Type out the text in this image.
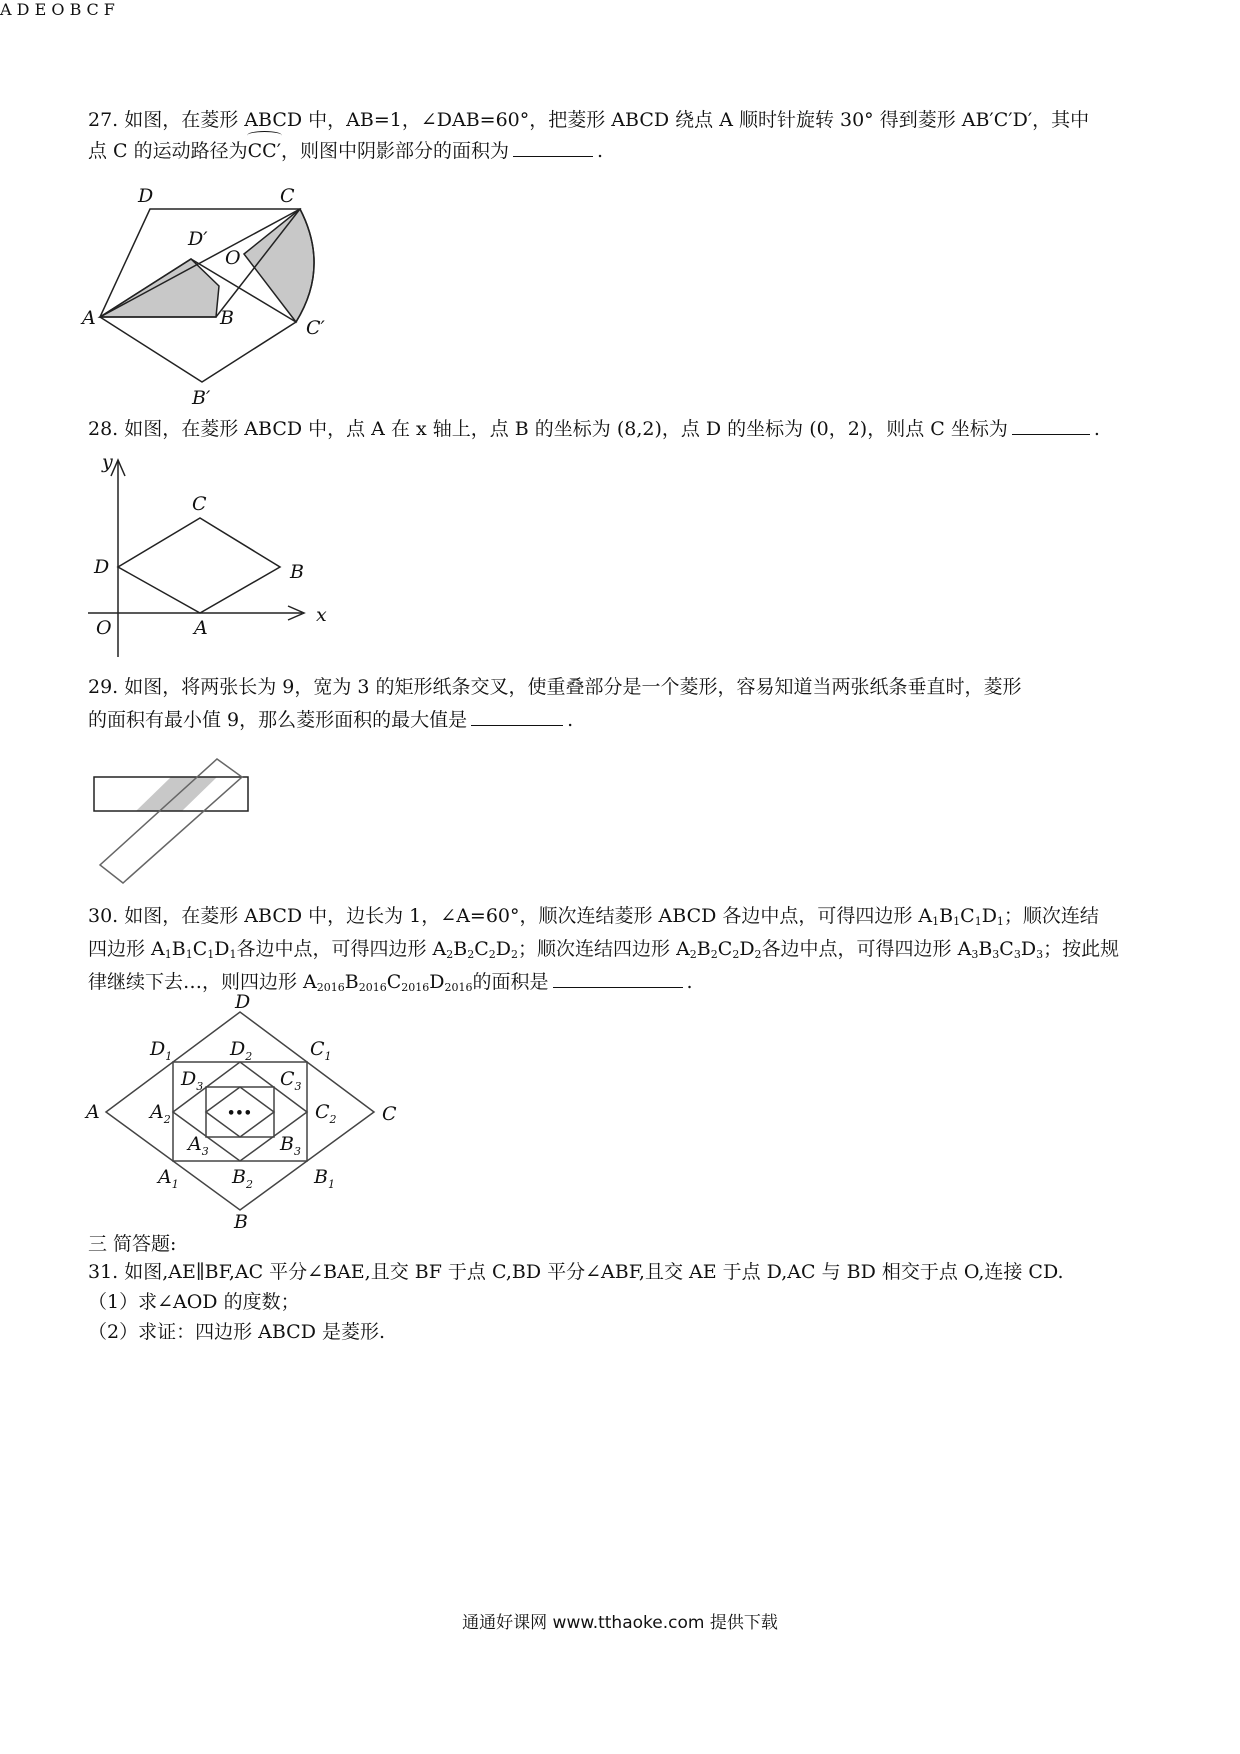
27. 如图，在菱形 ABCD 中，AB=1，∠DAB=60°，把菱形 ABCD 绕点 A 顺时针旋转 30° 得到菱形 AB′C′D′，其中
点 C 的运动路径为CC′，则图中阴影部分的面积为	.
D	C
D′
O
A	B	C′
B′
28. 如图，在菱形 ABCD 中，点 A 在 x 轴上，点 B 的坐标为 (8,2)，点 D 的坐标为 (0，2)，则点 C 坐标为	.
y
x
C
D	B
O	A
29. 如图，将两张长为 9，宽为 3 的矩形纸条交叉，使重叠部分是一个菱形，容易知道当两张纸条垂直时，菱形
的面积有最小值 9，那么菱形面积的最大值是	.
30. 如图，在菱形 ABCD 中，边长为 1，∠A=60°，顺次连结菱形 ABCD 各边中点，可得四边形 $A_1B_1C_1D_1$；顺次连结
四边形 $A_1B_1C_1D_1$各边中点，可得四边形 $A_2B_2C_2D_2$；顺次连结四边形 $A_2B_2C_2D_2$各边中点，可得四边形 $A_3B_3C_3D_3$；按此规
律继续下去…，则四边形 $A_{2016}B_{2016}C_{2016}D_{2016}$的面积是	.
•••
D
A	C
B
$D_1$	$C_1$
$D_2$
$D_3$	$C_3$
$A_2$	$C_2$
$A_3$	$B_3$
$A_1$	$B_2$	$B_1$
三 简答题:
31. 如图,AE∥BF,AC 平分∠BAE,且交 BF 于点 C,BD 平分∠ABF,且交 AE 于点 D,AC 与 BD 相交于点 O,连接 CD.
（1）求∠AOD 的度数；
（2）求证：四边形 ABCD 是菱形.
A D E O B C F
通通好课网 www.tthaoke.com 提供下载
